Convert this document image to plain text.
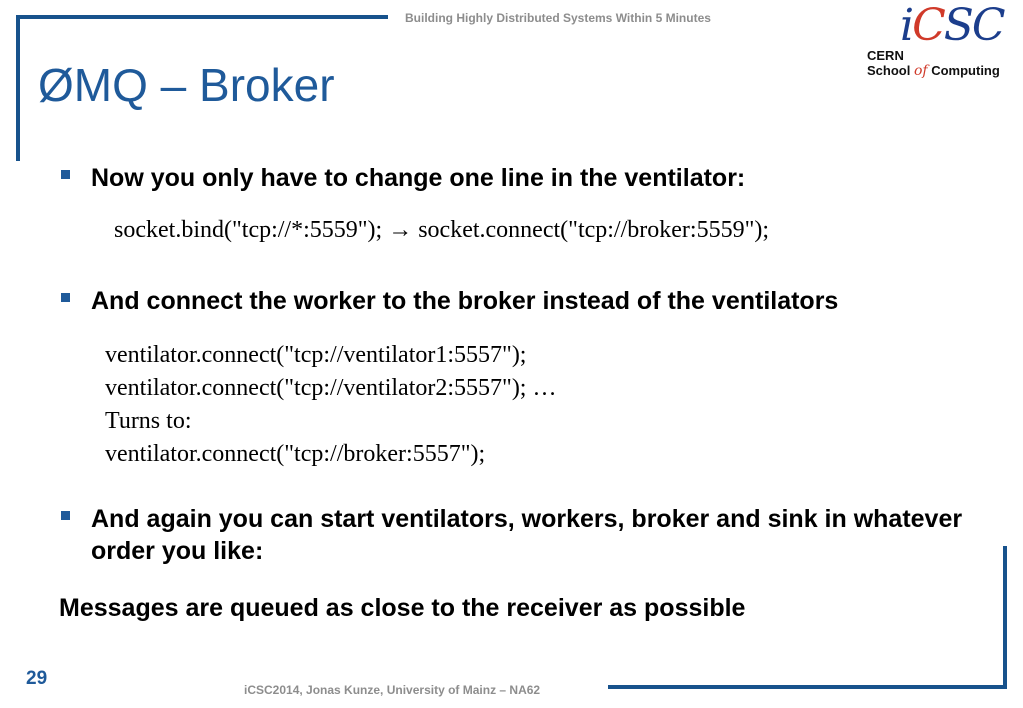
Building Highly Distributed Systems Within 5 Minutes	iCSC
CERN
School of Computing
ØMQ – Broker
Now you only have to change one line in the ventilator:
socket.bind("tcp://*:5559"); → socket.connect("tcp://broker:5559");
And connect the worker to the broker instead of the ventilators
ventilator.connect("tcp://ventilator1:5557");
ventilator.connect("tcp://ventilator2:5557"); …
Turns to:
ventilator.connect("tcp://broker:5557");
And again you can start ventilators, workers, broker and sink in whatever order you like:
Messages are queued as close to the receiver as possible
29
iCSC2014, Jonas Kunze, University of Mainz – NA62
